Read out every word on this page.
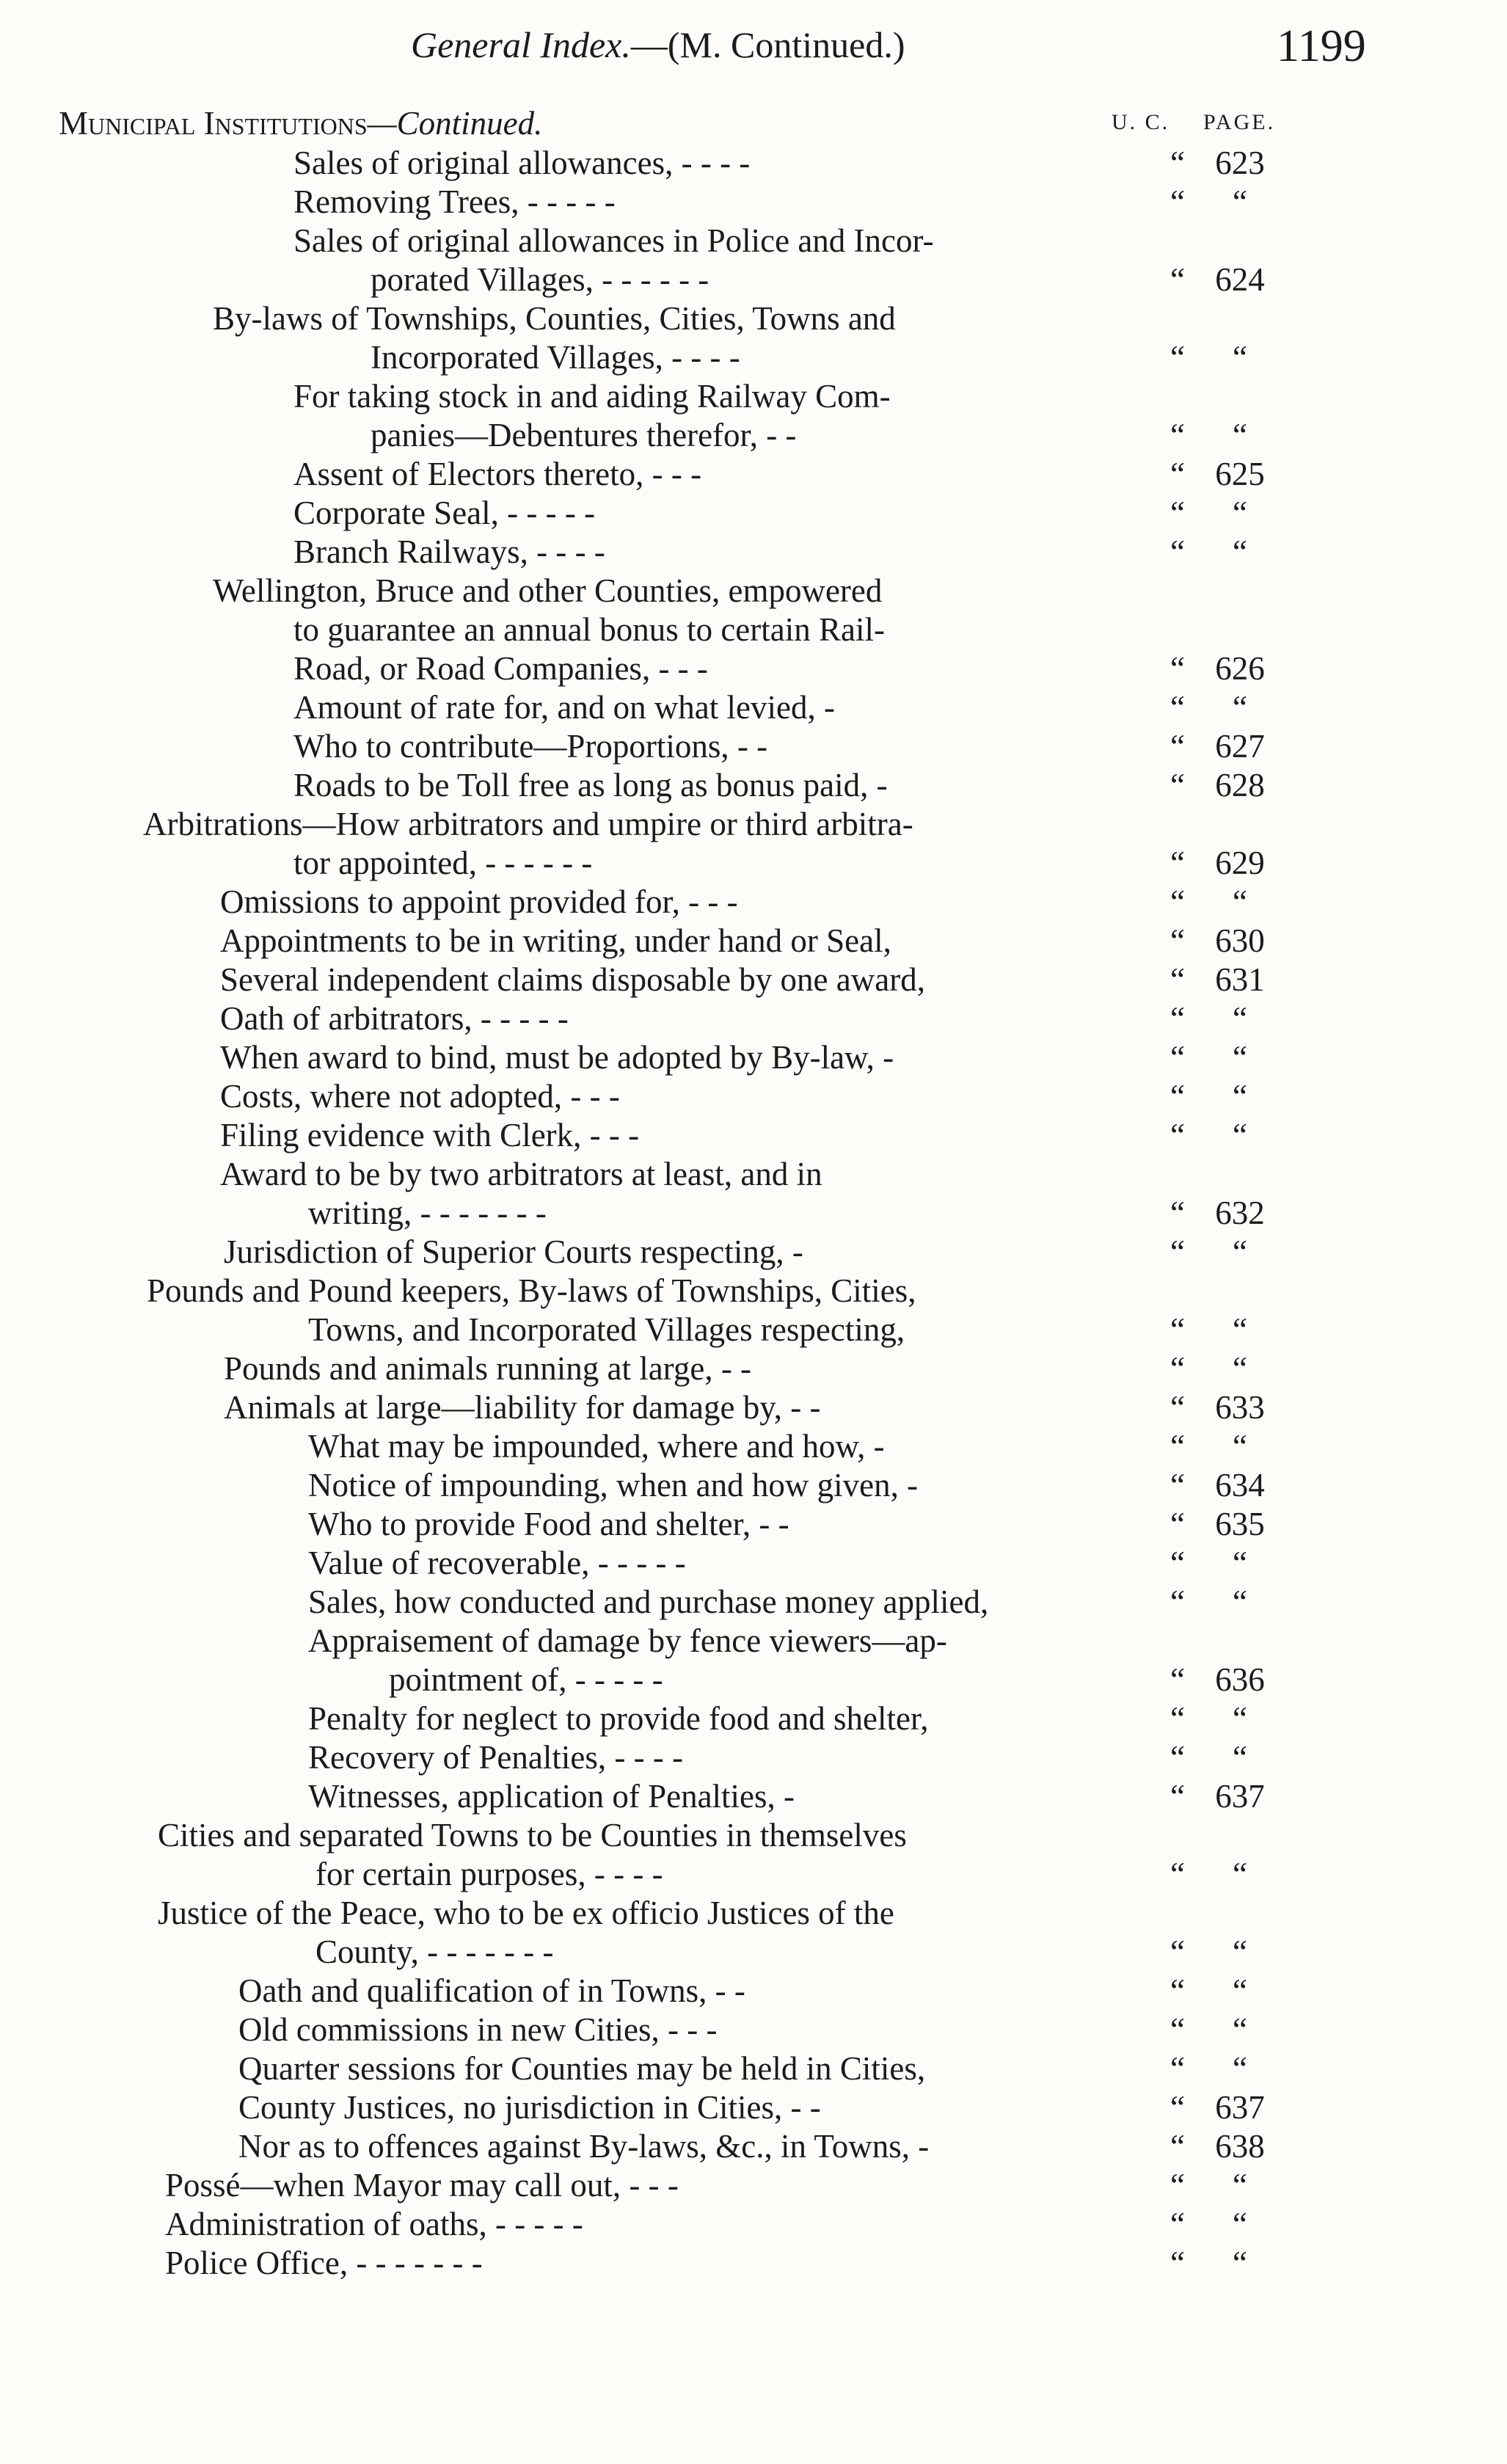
General Index.—(M. Continued.)	1199
Municipal Institutions—Continued.	U. C. PAGE.
Sales of original allowances, - - - -	“ 623
Removing Trees, - - - - -	“	“
Sales of original allowances in Police and Incor-
porated Villages, - - - - - -	“ 624
By-laws of Townships, Counties, Cities, Towns and
Incorporated Villages, - - - -	“	“
For taking stock in and aiding Railway Com-
panies—Debentures therefor, - -	“	“
Assent of Electors thereto, - - -	“ 625
Corporate Seal, - - - - -	“	“
Branch Railways, - - - -	“	“
Wellington, Bruce and other Counties, empowered
to guarantee an annual bonus to certain Rail-
Road, or Road Companies, - - -	“ 626
Amount of rate for, and on what levied, -	“	“
Who to contribute—Proportions, - -	“ 627
Roads to be Toll free as long as bonus paid, -	“ 628
Arbitrations—How arbitrators and umpire or third arbitra-
tor appointed, - - - - - -	“ 629
Omissions to appoint provided for, - - -	“	“
Appointments to be in writing, under hand or Seal,	“ 630
Several independent claims disposable by one award,	“ 631
Oath of arbitrators, - - - - -	“	“
When award to bind, must be adopted by By-law, -	“	“
Costs, where not adopted, - - -	“	“
Filing evidence with Clerk, - - -	“	“
Award to be by two arbitrators at least, and in
writing, - - - - - - -	“ 632
Jurisdiction of Superior Courts respecting, -	“	“
Pounds and Pound keepers, By-laws of Townships, Cities,
Towns, and Incorporated Villages respecting,	“	“
Pounds and animals running at large, - -	“	“
Animals at large—liability for damage by, - -	“ 633
What may be impounded, where and how, -	“	“
Notice of impounding, when and how given, -	“ 634
Who to provide Food and shelter, - -	“ 635
Value of recoverable, - - - - -	“	“
Sales, how conducted and purchase money applied,	“	“
Appraisement of damage by fence viewers—ap-
pointment of, - - - - -	“ 636
Penalty for neglect to provide food and shelter,	“	“
Recovery of Penalties, - - - -	“	“
Witnesses, application of Penalties, -	“ 637
Cities and separated Towns to be Counties in themselves
for certain purposes, - - - -	“	“
Justice of the Peace, who to be ex officio Justices of the
County, - - - - - - -	“	“
Oath and qualification of in Towns, - -	“	“
Old commissions in new Cities, - - -	“	“
Quarter sessions for Counties may be held in Cities,	“	“
County Justices, no jurisdiction in Cities, - -	“ 637
Nor as to offences against By-laws, &c., in Towns, -	“ 638
Possé—when Mayor may call out, - - -	“	“
Administration of oaths, - - - - -	“	“
Police Office, - - - - - - -	“	“
